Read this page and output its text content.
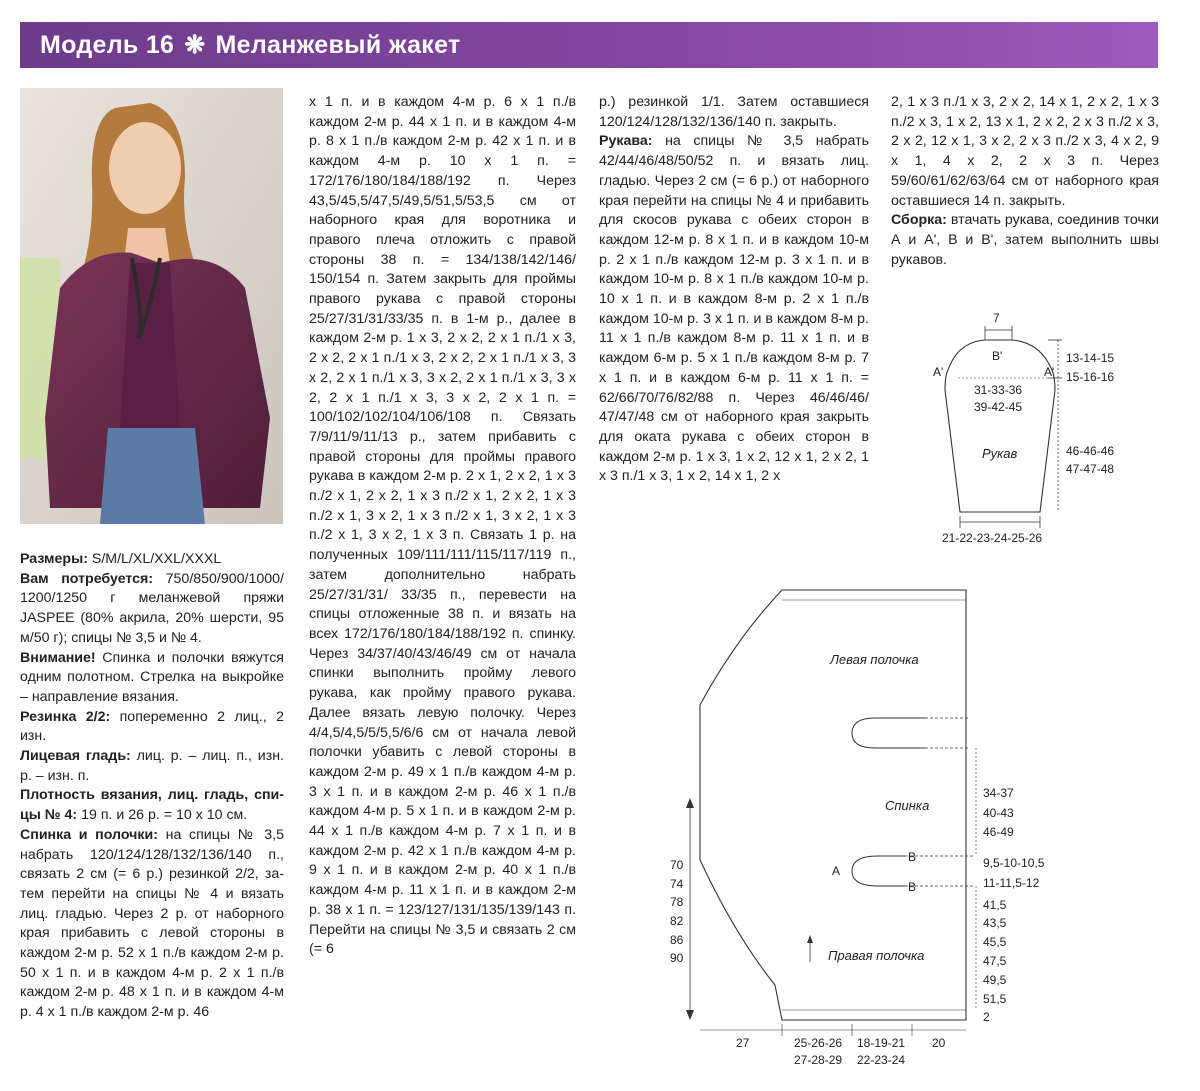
Модель 16 ❋ Меланжевый жакет

Размеры: S/M/L/XL/XXL/XXXL

Вам потребуется: 750/850/900/1000/ 1200/1250 г меланжевой пряжи JASPEE (80% акрила, 20% шерсти, 95 м/50 г); спицы № 3,5 и № 4.

Внимание! Спинка и полочки вяжутся одним полотном. Стрелка на выкройке – направление вязания.

Резинка 2/2: попеременно 2 лиц., 2 изн.

Лицевая гладь: лиц. р. – лиц. п., изн. р. – изн. п.

Плотность вязания, лиц. гладь, спицы № 4: 19 п. и 26 р. = 10 х 10 см.

Спинка и полочки: на спицы № 3,5 набрать 120/124/128/132/136/140 п., связать 2 см (= 6 р.) резинкой 2/2, затем перейти на спицы № 4 и вязать лиц. гладью. Через 2 р. от наборного края прибавить с левой стороны в каждом 2-м р. 52 х 1 п./в каждом 2-м р. 50 х 1 п. и в каждом 4-м р. 2 х 1 п./в каждом 2-м р. 48 х 1 п. и в каждом 4-м р. 4 х 1 п./в каждом 2-м р. 46

х 1 п. и в каждом 4-м р. 6 х 1 п./в каждом 2-м р. 44 х 1 п. и в каждом 4-м р. 8 х 1 п./в каждом 2-м р. 42 х 1 п. и в каждом 4-м р. 10 х 1 п. = 172/176/180/184/188/192 п. Через 43,5/45,5/47,5/49,5/51,5/53,5 см от наборного края для воротника и правого плеча отложить с правой стороны 38 п. = 134/138/142/146/ 150/154 п. Затем закрыть для проймы правого рукава с правой стороны 25/27/31/31/33/35 п. в 1-м р., далее в каждом 2-м р. 1 х 3, 2 х 2, 2 х 1 п./1 х 3, 2 х 2, 2 х 1 п./1 х 3, 2 х 2, 2 х 1 п./1 х 3, 3 х 2, 2 х 1 п./1 х 3, 3 х 2, 2 х 1 п./1 х 3, 3 х 2, 2 х 1 п./1 х 3, 3 х 2, 2 х 1 п. = 100/102/102/104/106/108 п. Связать 7/9/11/9/11/13 р., затем прибавить с правой стороны для проймы правого рукава в каждом 2-м р. 2 х 1, 2 х 2, 1 х 3 п./2 х 1, 2 х 2, 1 х 3 п./2 х 1, 2 х 2, 1 х 3 п./2 х 1, 3 х 2, 1 х 3 п./2 х 1, 3 х 2, 1 х 3 п./2 х 1, 3 х 2, 1 х 3 п. Связать 1 р. на полученных 109/111/111/115/117/119 п., затем дополнительно набрать 25/27/31/31/ 33/35 п., перевести на спицы отложенные 38 п. и вязать на всех 172/176/180/184/188/192 п. спинку. Через 34/37/40/43/46/49 см от начала спинки выполнить пройму левого рукава, как пройму правого рукава. Далее вязать левую полочку. Через 4/4,5/4,5/5/5,5/6/6 см от начала левой полочки убавить с левой стороны в каждом 2-м р. 49 х 1 п./в каждом 4-м р. 3 х 1 п. и в каждом 2-м р. 46 х 1 п./в каждом 4-м р. 5 х 1 п. и в каждом 2-м р. 44 х 1 п./в каждом 4-м р. 7 х 1 п. и в каждом 2-м р. 42 х 1 п./в каждом 4-м р. 9 х 1 п. и в каждом 2-м р. 40 х 1 п./в каждом 4-м р. 11 х 1 п. и в каждом 2-м р. 38 х 1 п. = 123/127/131/135/139/143 п. Перейти на спицы № 3,5 и связать 2 см (= 6

р.) резинкой 1/1. Затем оставшиеся 120/124/128/132/136/140 п. закрыть.

Рукава: на спицы № 3,5 набрать 42/44/46/48/50/52 п. и вязать лиц. гладью. Через 2 см (= 6 р.) от наборного края перейти на спицы № 4 и прибавить для скосов рукава с обеих сторон в каждом 12-м р. 8 х 1 п. и в каждом 10-м р. 2 х 1 п./в каждом 12-м р. 3 х 1 п. и в каждом 10-м р. 8 х 1 п./в каждом 10-м р. 10 х 1 п. и в каждом 8-м р. 2 х 1 п./в каждом 10-м р. 3 х 1 п. и в каждом 8-м р. 11 х 1 п./в каждом 8-м р. 11 х 1 п. и в каждом 6-м р. 5 х 1 п./в каждом 8-м р. 7 х 1 п. и в каждом 6-м р. 11 х 1 п. = 62/66/70/76/82/88 п. Через 46/46/46/ 47/47/48 см от наборного края закрыть для оката рукава с обеих сторон в каждом 2-м р. 1 х 3, 1 х 2, 12 х 1, 2 х 2, 1 х 3 п./1 х 3, 1 х 2, 14 х 1, 2 х

2, 1 х 3 п./1 х 3, 2 х 2, 14 х 1, 2 х 2, 1 х 3 п./2 х 3, 1 х 2, 13 х 1, 2 х 2, 2 х 3 п./2 х 3, 2 х 2, 12 х 1, 3 х 2, 2 х 3 п./2 х 3, 4 х 2, 9 х 1, 4 х 2, 2 х 3 п. Через 59/60/61/62/63/64 см от наборного края оставшиеся 14 п. закрыть.

Сборка: втачать рукава, соединив точки А и А', В и В', затем выполнить швы рукавов.

7
B'
A'	A'
13-14-15
15-16-16
31-33-36
39-42-45
Рукав	46-46-46
47-47-48
21-22-23-24-25-26
Левая полочка
Спинка
Правая полочка
A
B
B
34-37
40-43
46-49
9,5-10-10,5
11-11,5-12
41,5
43,5
45,5
47,5
49,5
51,5
2
70
74
78
82
86
90
27	25-26-26
27-28-29
18-19-21
22-23-24
20
